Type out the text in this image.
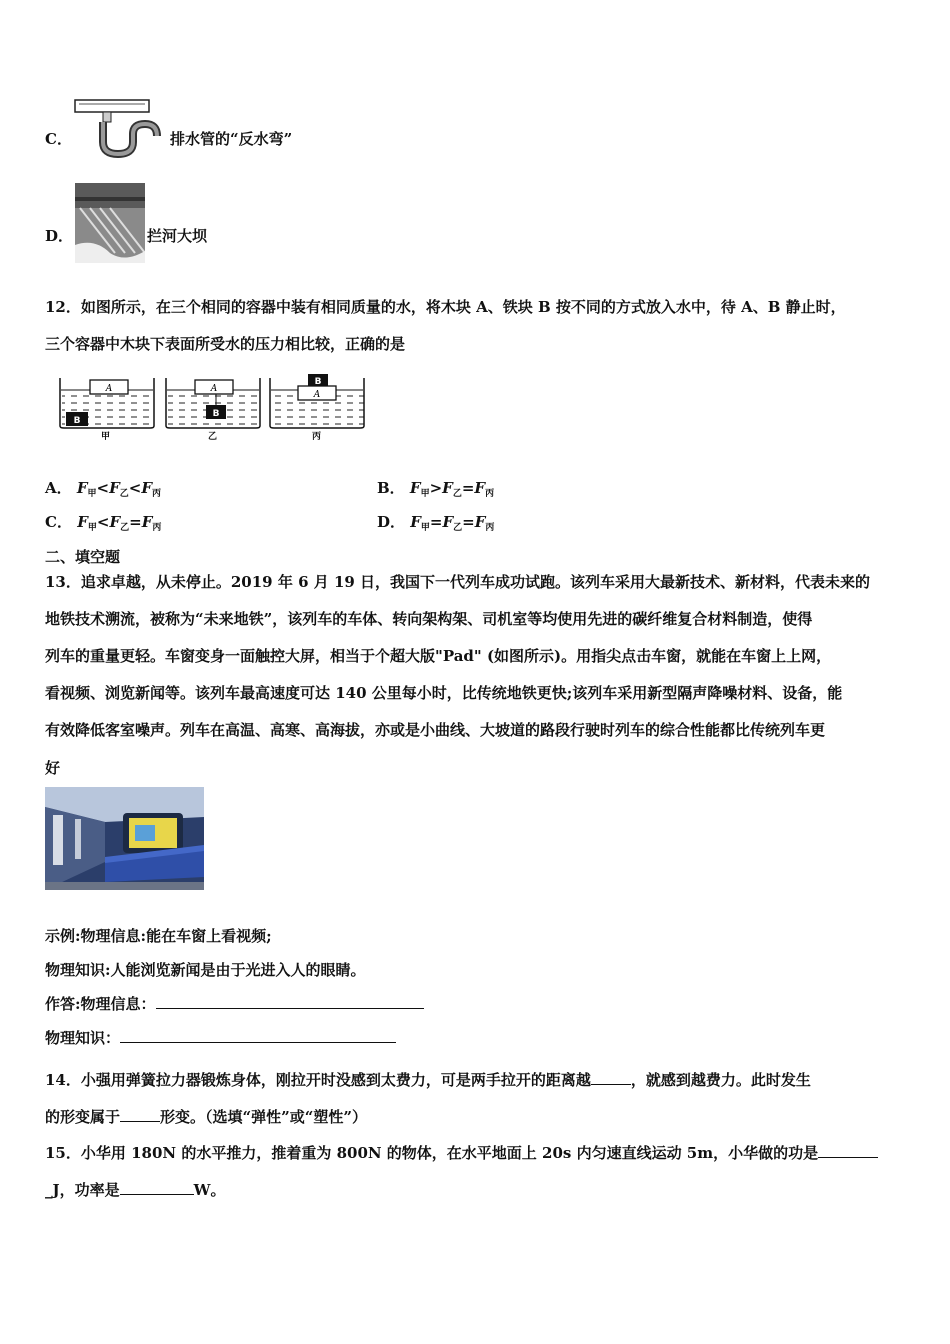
C．	排水管的“反水弯”
D．	拦河大坝
12．如图所示，在三个相同的容器中装有相同质量的水，将木块 A、铁块 B 按不同的方式放入水中，待 A、B 静止时，
三个容器中木块下表面所受水的压力相比较，正确的是
A
B
A
B
A
B
甲	乙	丙
A． $F_甲<F_乙<F_丙$	B． $F_甲>F_乙=F_丙$
C． $F_甲<F_乙=F_丙$	D． $F_甲=F_乙=F_丙$
二、填空题
13．追求卓越，从未停止。2019 年 6 月 19 日，我国下一代列车成功试跑。该列车采用大最新技术、新材料，代表未来的
地铁技术溯流，被称为“未来地铁”，该列车的车体、转向架构架、司机室等均使用先进的碳纤维复合材料制造，使得
列车的重量更轻。车窗变身一面触控大屏，相当于个超大版"Pad" (如图所示)。用指尖点击车窗，就能在车窗上上网，
看视频、浏览新闻等。该列车最高速度可达 140 公里每小时，比传统地铁更快;该列车采用新型隔声降噪材料、设备，能
有效降低客室噪声。列车在高温、高寒、高海拔，亦或是小曲线、大坡道的路段行驶时列车的综合性能都比传统列车更
好
示例:物理信息:能在车窗上看视频;
物理知识:人能浏览新闻是由于光进入人的眼睛。
作答:物理信息：
物理知识：
14．小强用弹簧拉力器锻炼身体，刚拉开时没感到太费力，可是两手拉开的距离越	，就感到越费力。此时发生
的形变属于	形变。（选填“弹性”或“塑性”）
15．小华用 180N 的水平推力，推着重为 800N 的物体，在水平地面上 20s 内匀速直线运动 5m，小华做的功是
_J，功率是	W。
